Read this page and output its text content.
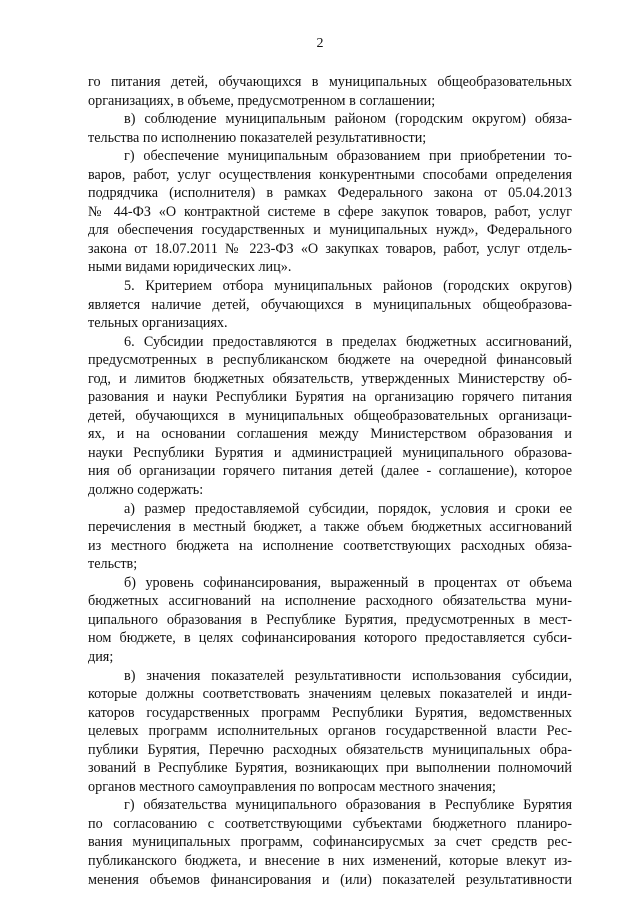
2
го питания детей, обучающихся в муниципальных общеобразовательных
организациях, в объеме, предусмотренном в соглашении;
в) соблюдение муниципальным районом (городским округом) обяза-
тельства по исполнению показателей результативности;
г) обеспечение муниципальным образованием при приобретении то-
варов, работ, услуг осуществления конкурентными способами определения
подрядчика (исполнителя) в рамках Федерального закона от 05.04.2013
№ 44-ФЗ «О контрактной системе в сфере закупок товаров, работ, услуг
для обеспечения государственных и муниципальных нужд», Федерального
закона от 18.07.2011 № 223-ФЗ «О закупках товаров, работ, услуг отдель-
ными видами юридических лиц».
5. Критерием отбора муниципальных районов (городских округов)
является наличие детей, обучающихся в муниципальных общеобразова-
тельных организациях.
6. Субсидии предоставляются в пределах бюджетных ассигнований,
предусмотренных в республиканском бюджете на очередной финансовый
год, и лимитов бюджетных обязательств, утвержденных Министерству об-
разования и науки Республики Бурятия на организацию горячего питания
детей, обучающихся в муниципальных общеобразовательных организаци-
ях, и на основании соглашения между Министерством образования и
науки Республики Бурятия и администрацией муниципального образова-
ния об организации горячего питания детей (далее - соглашение), которое
должно содержать:
а) размер предоставляемой субсидии, порядок, условия и сроки ее
перечисления в местный бюджет, а также объем бюджетных ассигнований
из местного бюджета на исполнение соответствующих расходных обяза-
тельств;
б) уровень софинансирования, выраженный в процентах от объема
бюджетных ассигнований на исполнение расходного обязательства муни-
ципального образования в Республике Бурятия, предусмотренных в мест-
ном бюджете, в целях софинансирования которого предоставляется субси-
дия;
в) значения показателей результативности использования субсидии,
которые должны соответствовать значениям целевых показателей и инди-
каторов государственных программ Республики Бурятия, ведомственных
целевых программ исполнительных органов государственной власти Рес-
публики Бурятия, Перечню расходных обязательств муниципальных обра-
зований в Республике Бурятия, возникающих при выполнении полномочий
органов местного самоуправления по вопросам местного значения;
г) обязательства муниципального образования в Республике Бурятия
по согласованию с соответствующими субъектами бюджетного планиро-
вания муниципальных программ, софинансирусмых за счет средств рес-
публиканского бюджета, и внесение в них изменений, которые влекут из-
менения объемов финансирования и (или) показателей результативности
